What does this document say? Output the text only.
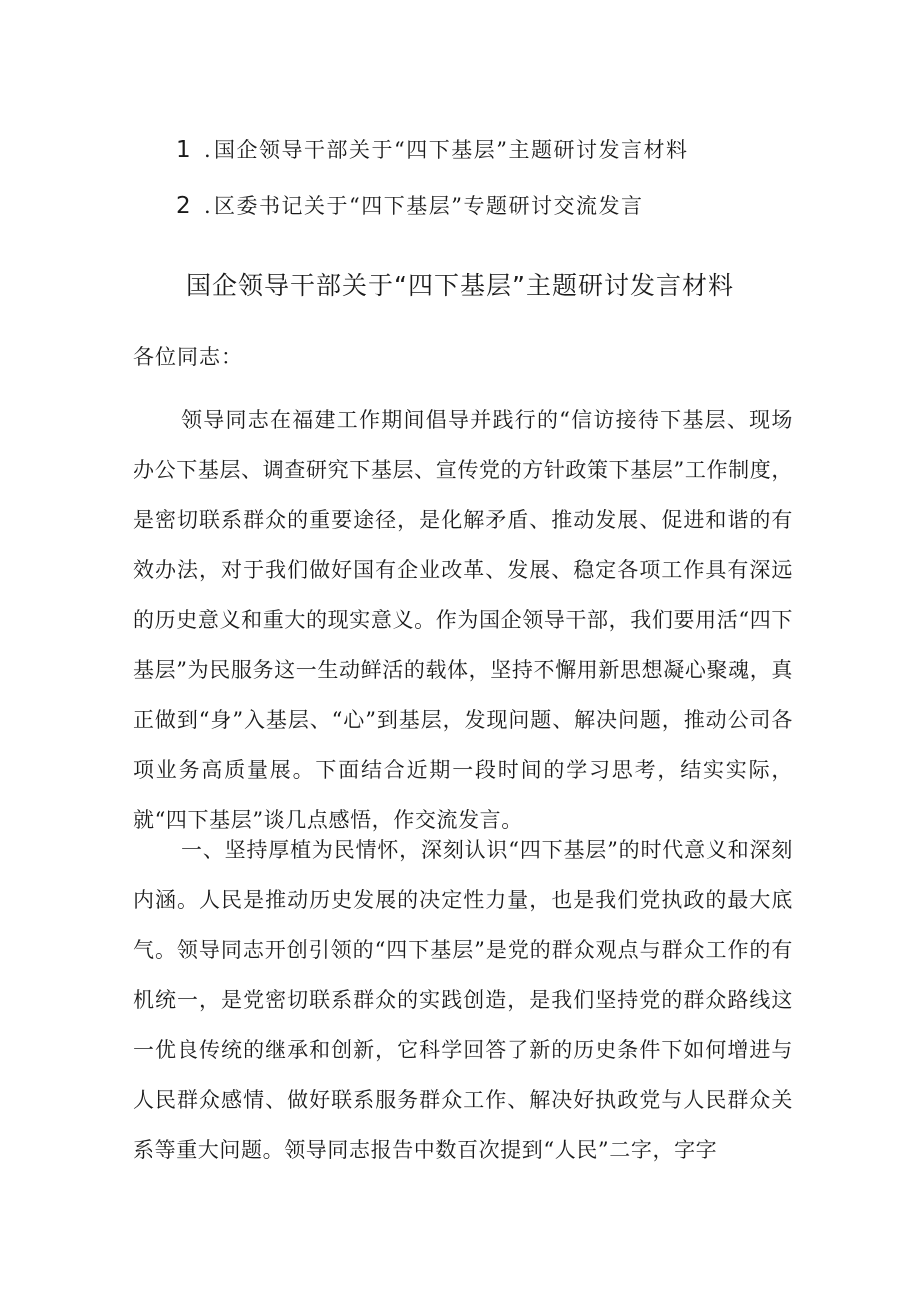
1 .国企领导干部关于“四下基层”主题研讨发言材料
2 .区委书记关于“四下基层”专题研讨交流发言
国企领导干部关于“四下基层”主题研讨发言材料

各位同志：

领导同志在福建工作期间倡导并践行的“信访接待下基层、现场办公下基层、调查研究下基层、宣传党的方针政策下基层”工作制度，是密切联系群众的重要途径，是化解矛盾、推动发展、促进和谐的有效办法，对于我们做好国有企业改革、发展、稳定各项工作具有深远的历史意义和重大的现实意义。作为国企领导干部，我们要用活“四下基层”为民服务这一生动鲜活的载体，坚持不懈用新思想凝心聚魂，真正做到“身”入基层、“心”到基层，发现问题、解决问题，推动公司各项业务高质量展。下面结合近期一段时间的学习思考，结实实际，就“四下基层”谈几点感悟，作交流发言。

一、坚持厚植为民情怀，深刻认识“四下基层”的时代意义和深刻内涵。人民是推动历史发展的决定性力量，也是我们党执政的最大底气。领导同志开创引领的“四下基层”是党的群众观点与群众工作的有机统一，是党密切联系群众的实践创造，是我们坚持党的群众路线这一优良传统的继承和创新，它科学回答了新的历史条件下如何增进与人民群众感情、做好联系服务群众工作、解决好执政党与人民群众关系等重大问题。领导同志报告中数百次提到“人民”二字，字字
